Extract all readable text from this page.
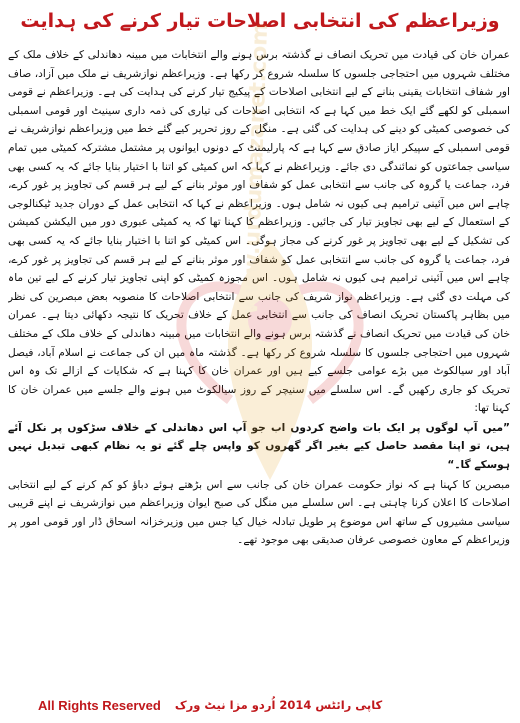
وزیراعظم کی انتخابی اصلاحات تیار کرنے کی ہدایت

عمران خان کی قیادت میں تحریک انصاف نے گذشتہ برس ہونے والے انتخابات میں مبینہ دھاندلی کے خلاف ملک کے مختلف شہروں میں احتجاجی جلسوں کا سلسلہ شروع کر رکھا ہے۔ وزیراعظم نوازشریف نے ملک میں آزاد، صاف اور شفاف انتخابات یقینی بنانے کے لیے انتخابی اصلاحات کے پیکیج تیار کرنے کی ہدایت کی ہے۔ وزیراعظم نے قومی اسمبلی کو لکھے گئے ایک خط میں کہا ہے کہ انتخابی اصلاحات کی تیاری کی ذمہ داری سینیٹ اور قومی اسمبلی کی خصوصی کمیٹی کو دینے کی ہدایت کی گئی ہے۔ منگل کے روز تحریر کیے گئے خط میں وزیراعظم نوازشریف نے قومی اسمبلی کے سپیکر ایاز صادق سے کہا ہے کہ پارلیمنٹ کے دونوں ایوانوں پر مشتمل مشترکہ کمیٹی میں تمام سیاسی جماعتوں کو نمائندگی دی جائے۔ وزیراعظم نے کہا کہ اس کمیٹی کو اتنا با اختیار بنایا جائے کہ یہ کسی بھی فرد، جماعت یا گروہ کی جانب سے انتخابی عمل کو شفاف اور موثر بنانے کے لیے ہر قسم کی تجاویز پر غور کرے، چاہے اس میں آئینی ترامیم ہی کیوں نہ شامل ہوں۔ وزیراعظم نے کہا کہ انتخابی عمل کے دوران جدید ٹیکنالوجی کے استعمال کے لیے بھی تجاویز تیار کی جائیں۔ وزیراعظم کا کہنا تھا کہ یہ کمیٹی عبوری دور میں الیکشن کمیشن کی تشکیل کے لیے بھی تجاویز پر غور کرنے کی مجاز ہوگی۔ اس کمیٹی کو اتنا با اختیار بنایا جائے کہ یہ کسی بھی فرد، جماعت یا گروہ کی جانب سے انتخابی عمل کو شفاف اور موثر بنانے کے لیے ہر قسم کی تجاویز پر غور کرے، چاہے اس میں آئینی ترامیم ہی کیوں نہ شامل ہوں۔ اس مجوزہ کمیٹی کو اپنی تجاویز تیار کرنے کے لیے تین ماہ کی مہلت دی گئی ہے۔ وزیراعظم نواز شریف کی جانب سے انتخابی اصلاحات کا منصوبہ بعض مبصرین کی نظر میں بظاہر پاکستان تحریک انصاف کی جانب سے انتخابی عمل کے خلاف تحریک کا نتیجہ دکھائی دیتا ہے۔ عمران خان کی قیادت میں تحریک انصاف نے گذشتہ برس ہونے والے انتخابات میں مبینہ دھاندلی کے خلاف ملک کے مختلف شہروں میں احتجاجی جلسوں کا سلسلہ شروع کر رکھا ہے۔ گذشتہ ماہ میں ان کی جماعت نے اسلام آباد، فیصل آباد اور سیالکوٹ میں بڑے عوامی جلسے کیے ہیں اور عمران خان کا کہنا ہے کہ شکایات کے ازالے تک وہ اس تحریک کو جاری رکھیں گے۔ اس سلسلے میں سنیچر کے روز سیالکوٹ میں ہونے والے جلسے میں عمران خان کا کہنا تھا:

”میں آپ لوگوں پر ایک بات واضح کردوں اب جو آپ اس دھاندلی کے خلاف سڑکوں پر نکل آئے ہیں، تو اپنا مقصد حاصل کیے بغیر اگر گھروں کو واپس چلے گئے تو یہ نظام کبھی تبدیل نہیں ہوسکے گا۔“

مبصرین کا کہنا ہے کہ نواز حکومت عمران خان کی جانب سے اس بڑھتے ہوئے دباؤ کو کم کرنے کے لیے انتخابی اصلاحات کا اعلان کرنا چاہتی ہے۔ اس سلسلے میں منگل کی صبح ایوان وزیراعظم میں نوازشریف نے اپنے قریبی سیاسی مشیروں کے ساتھ اس موضوع پر طویل تبادلہ خیال کیا جس میں وزیرخزانہ اسحاق ڈار اور قومی امور پر وزیراعظم کے معاون خصوصی عرفان صدیقی بھی موجود تھے۔

www.urdumazanet.com
All Rights Reserved کاپی رائٹس 2014 اُردو مزا نیٹ ورک
